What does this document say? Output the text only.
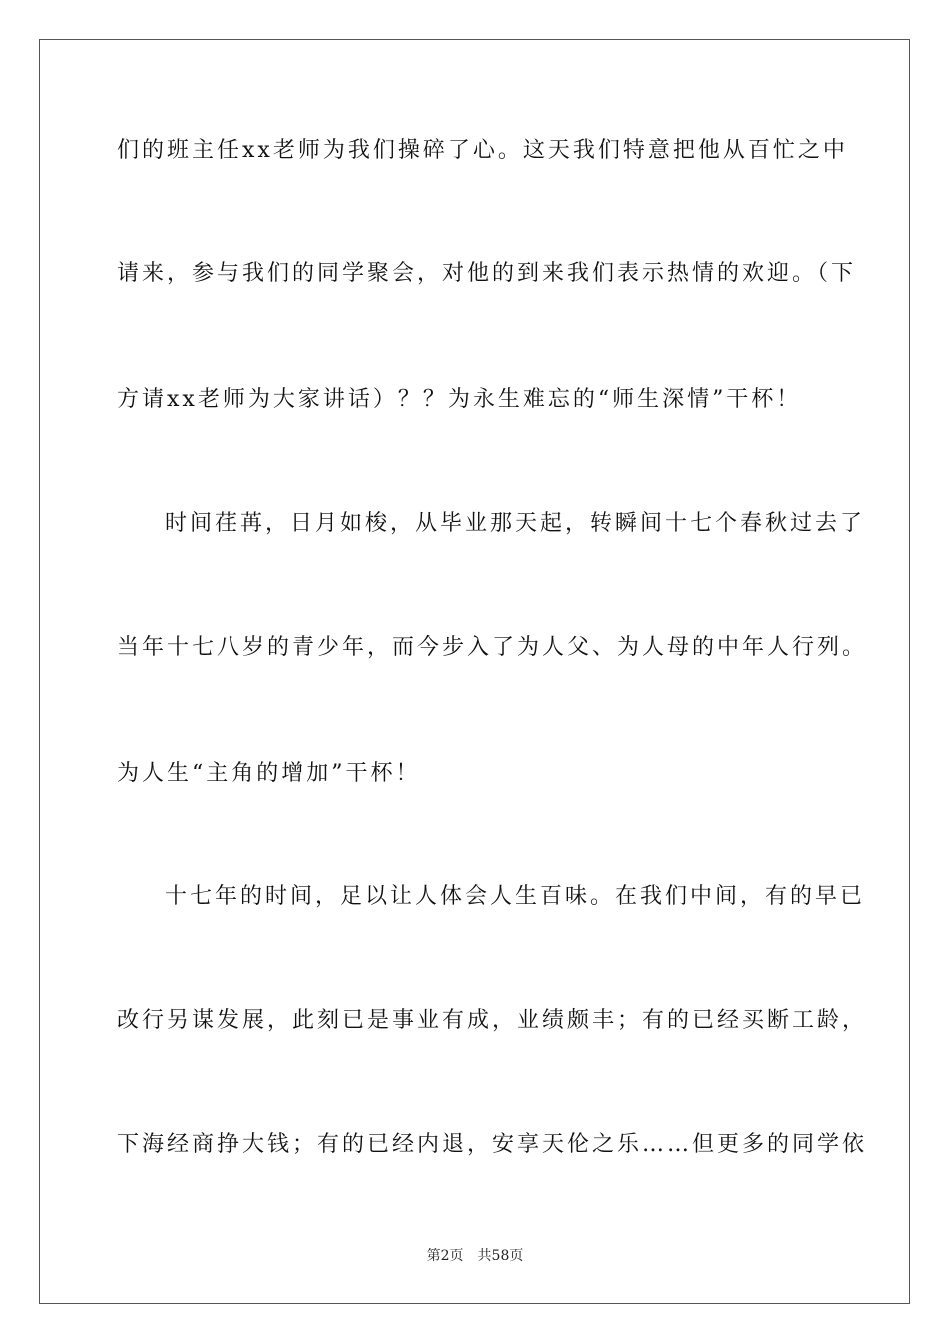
们的班主任xx老师为我们操碎了心。这天我们特意把他从百忙之中
请来，参与我们的同学聚会，对他的到来我们表示热情的欢迎。（下
方请xx老师为大家讲话）？？为永生难忘的“师生深情”干杯！
时间荏苒，日月如梭，从毕业那天起，转瞬间十七个春秋过去了
当年十七八岁的青少年，而今步入了为人父、为人母的中年人行列。
为人生“主角的增加”干杯！
十七年的时间，足以让人体会人生百味。在我们中间，有的早已
改行另谋发展，此刻已是事业有成，业绩颇丰；有的已经买断工龄，
下海经商挣大钱；有的已经内退，安享天伦之乐……但更多的同学依
第2页 共58页
